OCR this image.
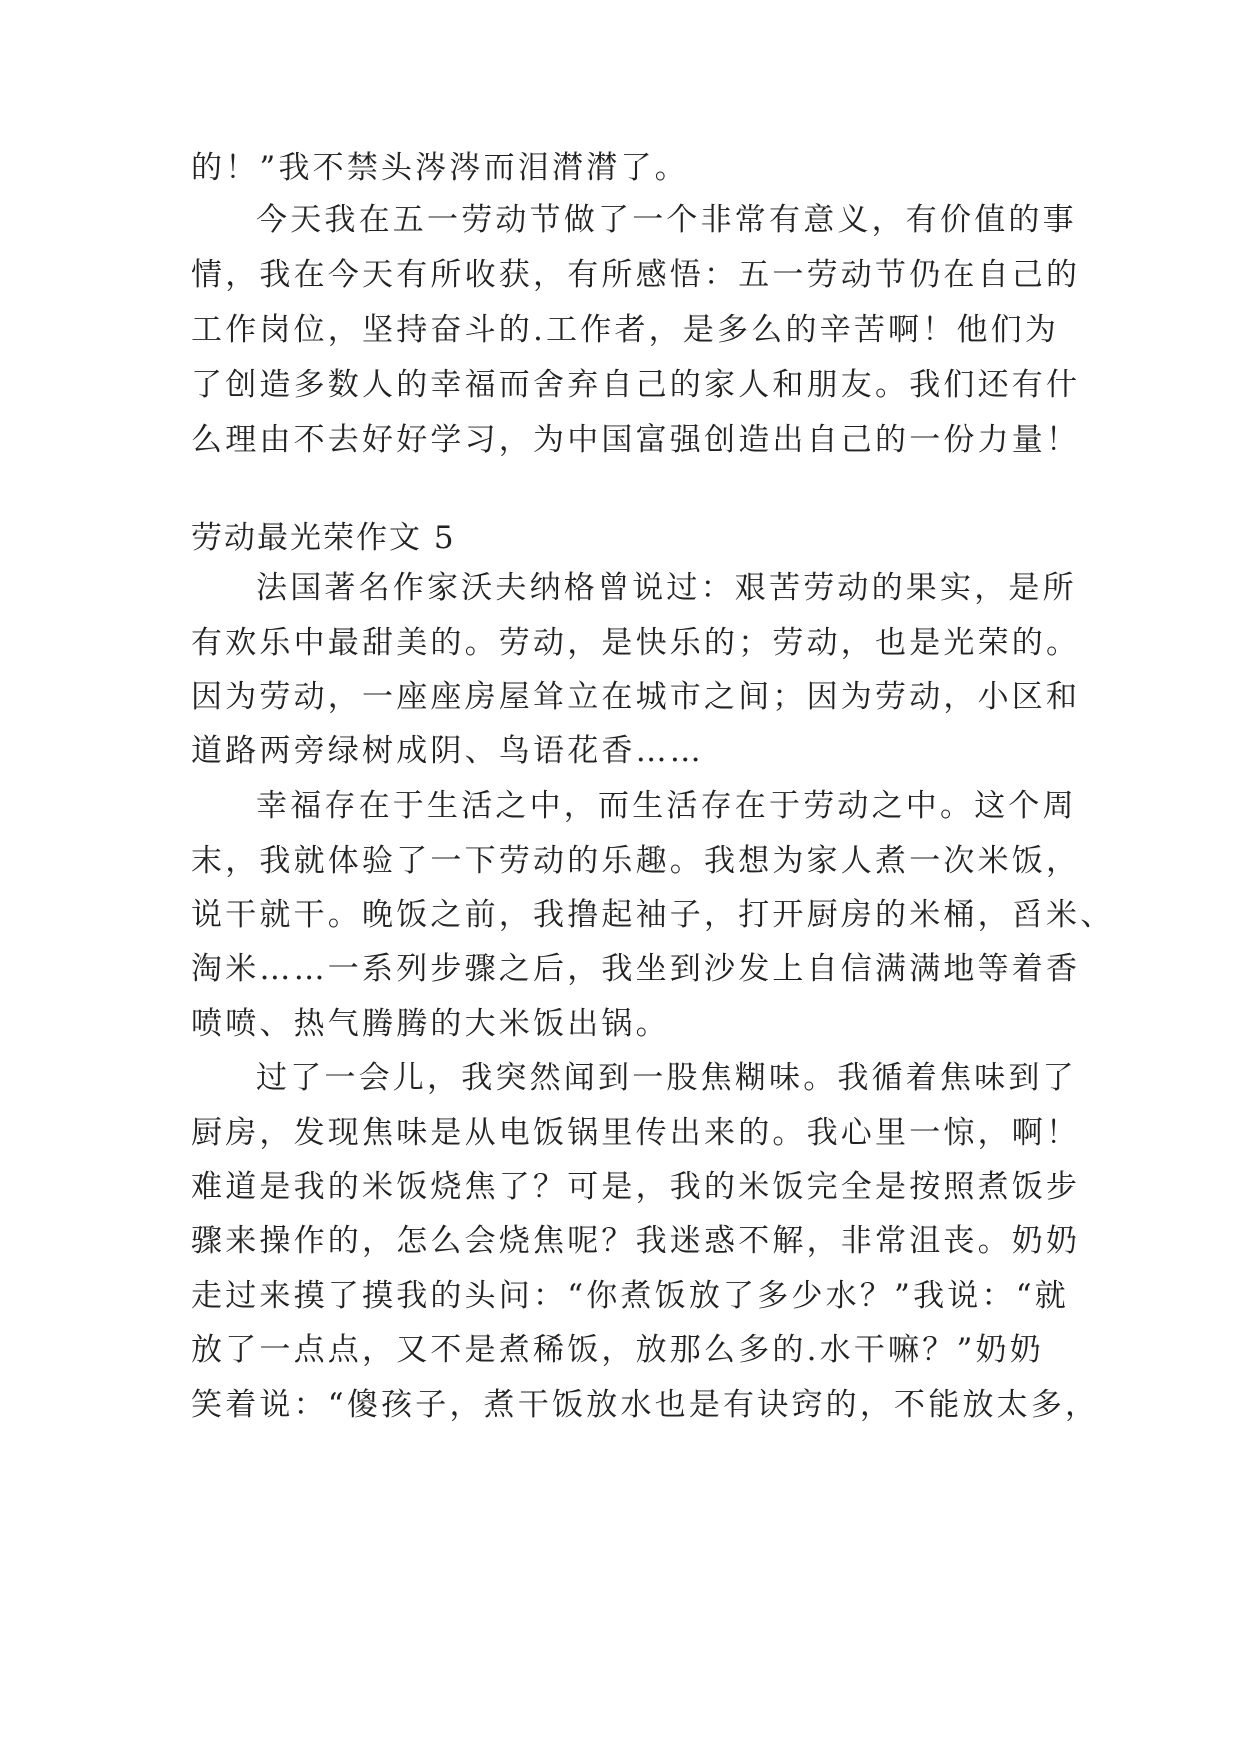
的！”我不禁头涔涔而泪潸潸了。
今天我在五一劳动节做了一个非常有意义，有价值的事
情，我在今天有所收获，有所感悟：五一劳动节仍在自己的
工作岗位，坚持奋斗的.工作者，是多么的辛苦啊！他们为
了创造多数人的幸福而舍弃自己的家人和朋友。我们还有什
么理由不去好好学习，为中国富强创造出自己的一份力量！
劳动最光荣作文 5
法国著名作家沃夫纳格曾说过：艰苦劳动的果实，是所
有欢乐中最甜美的。劳动，是快乐的；劳动，也是光荣的。
因为劳动，一座座房屋耸立在城市之间；因为劳动，小区和
道路两旁绿树成阴、鸟语花香……
幸福存在于生活之中，而生活存在于劳动之中。这个周
末，我就体验了一下劳动的乐趣。我想为家人煮一次米饭，
说干就干。晚饭之前，我撸起袖子，打开厨房的米桶，舀米、
淘米……一系列步骤之后，我坐到沙发上自信满满地等着香
喷喷、热气腾腾的大米饭出锅。
过了一会儿，我突然闻到一股焦糊味。我循着焦味到了
厨房，发现焦味是从电饭锅里传出来的。我心里一惊，啊！
难道是我的米饭烧焦了？可是，我的米饭完全是按照煮饭步
骤来操作的，怎么会烧焦呢？我迷惑不解，非常沮丧。奶奶
走过来摸了摸我的头问：“你煮饭放了多少水？”我说：“就
放了一点点，又不是煮稀饭，放那么多的.水干嘛？”奶奶
笑着说：“傻孩子，煮干饭放水也是有诀窍的，不能放太多，
